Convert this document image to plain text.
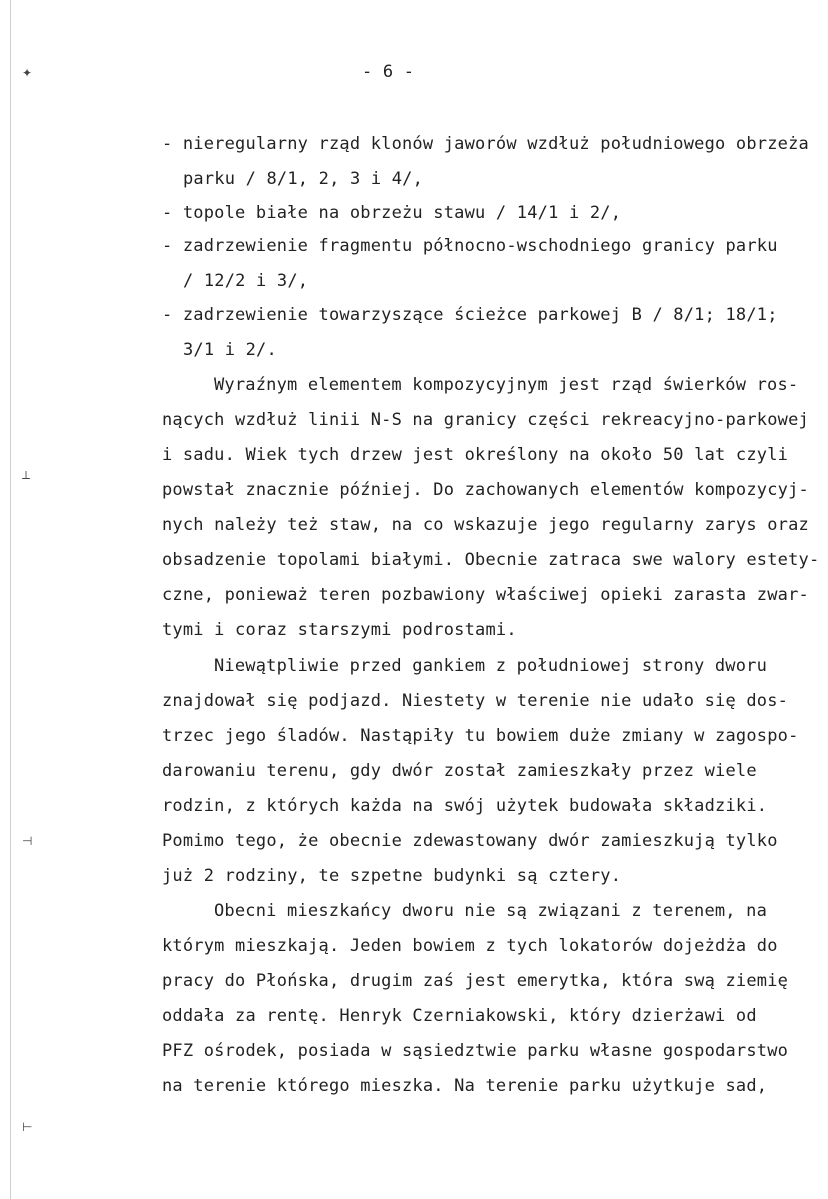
✦
⟂
⊣
⊢
- 6 -
- nieregularny rząd klonów jaworów wzdłuż południowego obrzeża
parku / 8/1, 2, 3 i 4/,
- topole białe na obrzeżu stawu / 14/1 i 2/,
- zadrzewienie fragmentu północno-wschodniego granicy parku
/ 12/2 i 3/,
- zadrzewienie towarzyszące ścieżce parkowej B / 8/1; 18/1;
3/1 i 2/.
Wyraźnym elementem kompozycyjnym jest rząd świerków ros-
nących wzdłuż linii N-S na granicy części rekreacyjno-parkowej
i sadu. Wiek tych drzew jest określony na około 50 lat czyli
powstał znacznie później. Do zachowanych elementów kompozycyj-
nych należy też staw, na co wskazuje jego regularny zarys oraz
obsadzenie topolami białymi. Obecnie zatraca swe walory estety-
czne, ponieważ teren pozbawiony właściwej opieki zarasta zwar-
tymi i coraz starszymi podrostami.
Niewątpliwie przed gankiem z południowej strony dworu
znajdował się podjazd. Niestety w terenie nie udało się dos-
trzec jego śladów. Nastąpiły tu bowiem duże zmiany w zagospo-
darowaniu terenu, gdy dwór został zamieszkały przez wiele
rodzin, z których każda na swój użytek budowała składziki.
Pomimo tego, że obecnie zdewastowany dwór zamieszkują tylko
już 2 rodziny, te szpetne budynki są cztery.
Obecni mieszkańcy dworu nie są związani z terenem, na
którym mieszkają. Jeden bowiem z tych lokatorów dojeżdża do
pracy do Płońska, drugim zaś jest emerytka, która swą ziemię
oddała za rentę. Henryk Czerniakowski, który dzierżawi od
PFZ ośrodek, posiada w sąsiedztwie parku własne gospodarstwo
na terenie którego mieszka. Na terenie parku użytkuje sad,
